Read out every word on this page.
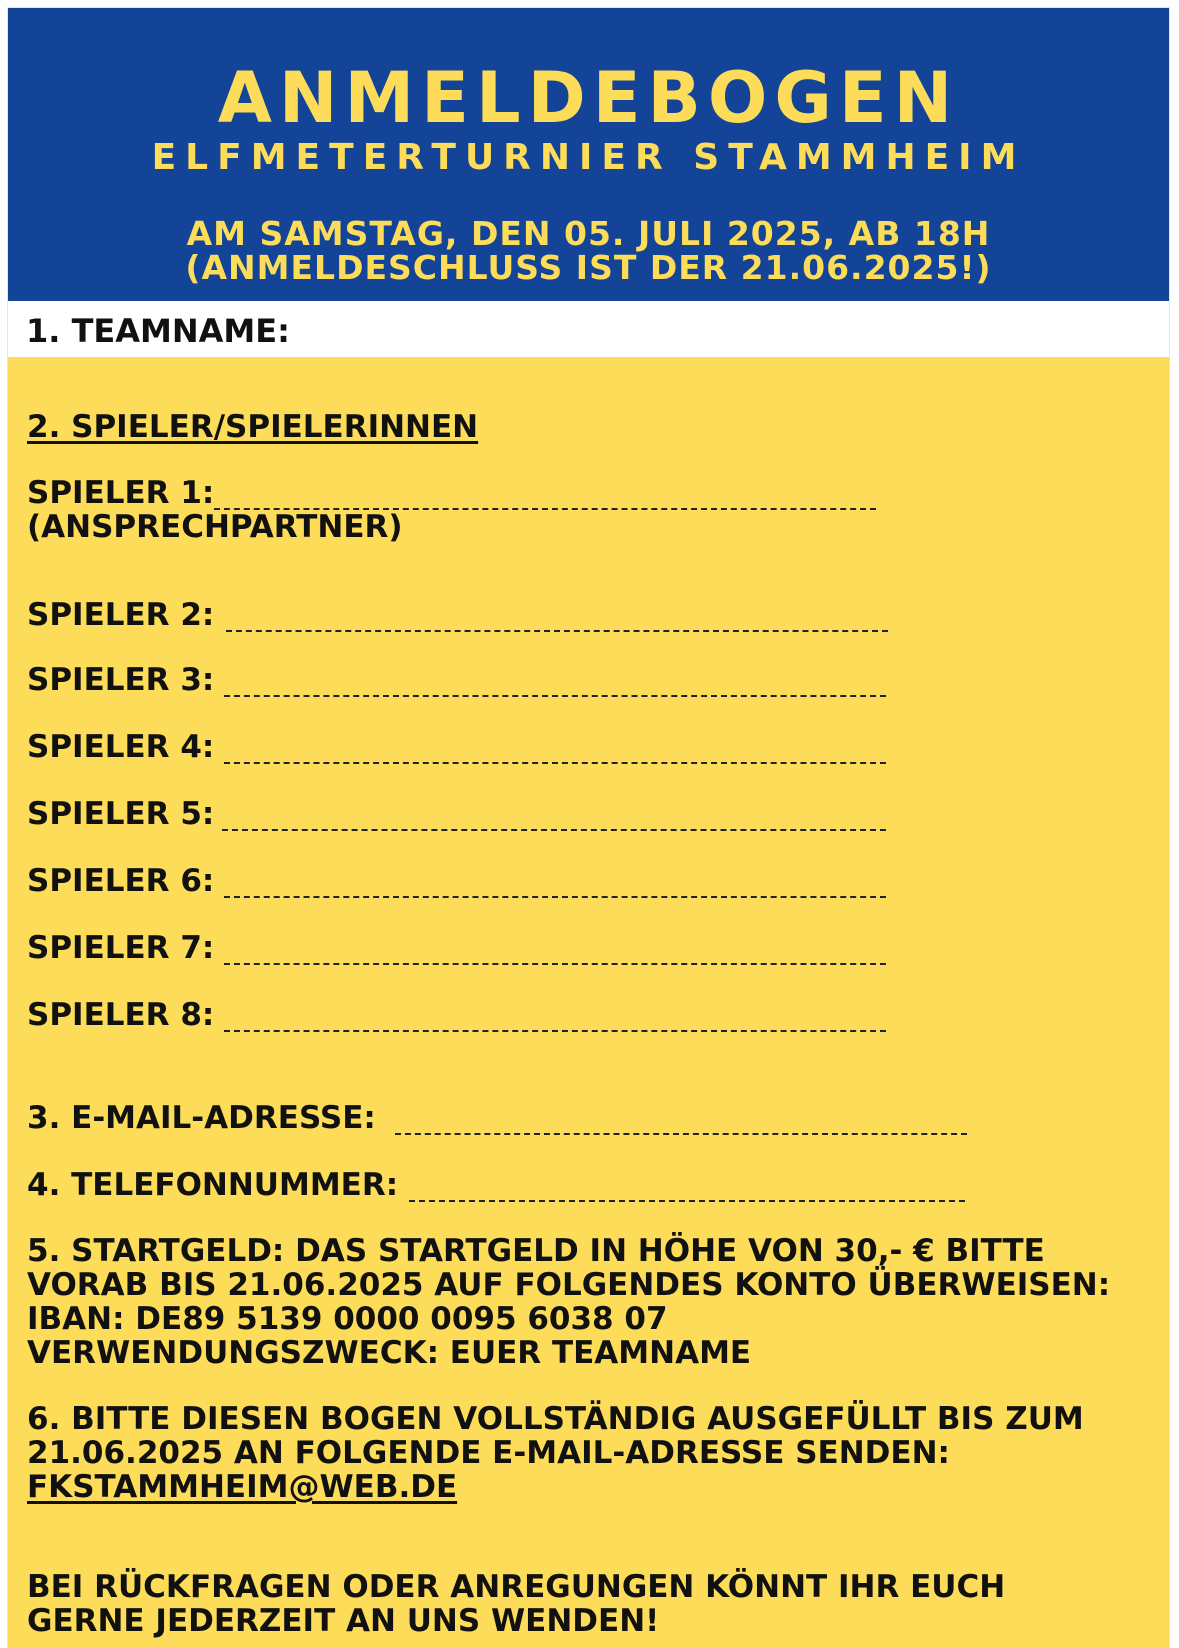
ANMELDEBOGEN
ELFMETERTURNIER STAMMHEIM
AM SAMSTAG, DEN 05. JULI 2025, AB 18H
(ANMELDESCHLUSS IST DER 21.06.2025!)
1. TEAMNAME:
2. SPIELER/SPIELERINNEN
SPIELER 1:
(ANSPRECHPARTNER)
SPIELER 2:
SPIELER 3:
SPIELER 4:
SPIELER 5:
SPIELER 6:
SPIELER 7:
SPIELER 8:
3. E-MAIL-ADRESSE:
4. TELEFONNUMMER:
5. STARTGELD: DAS STARTGELD IN HÖHE VON 30,- € BITTE
VORAB BIS 21.06.2025 AUF FOLGENDES KONTO ÜBERWEISEN:
IBAN: DE89 5139 0000 0095 6038 07
VERWENDUNGSZWECK: EUER TEAMNAME
6. BITTE DIESEN BOGEN VOLLSTÄNDIG AUSGEFÜLLT BIS ZUM
21.06.2025 AN FOLGENDE E-MAIL-ADRESSE SENDEN:
FKSTAMMHEIM@WEB.DE
BEI RÜCKFRAGEN ODER ANREGUNGEN KÖNNT IHR EUCH
GERNE JEDERZEIT AN UNS WENDEN!
